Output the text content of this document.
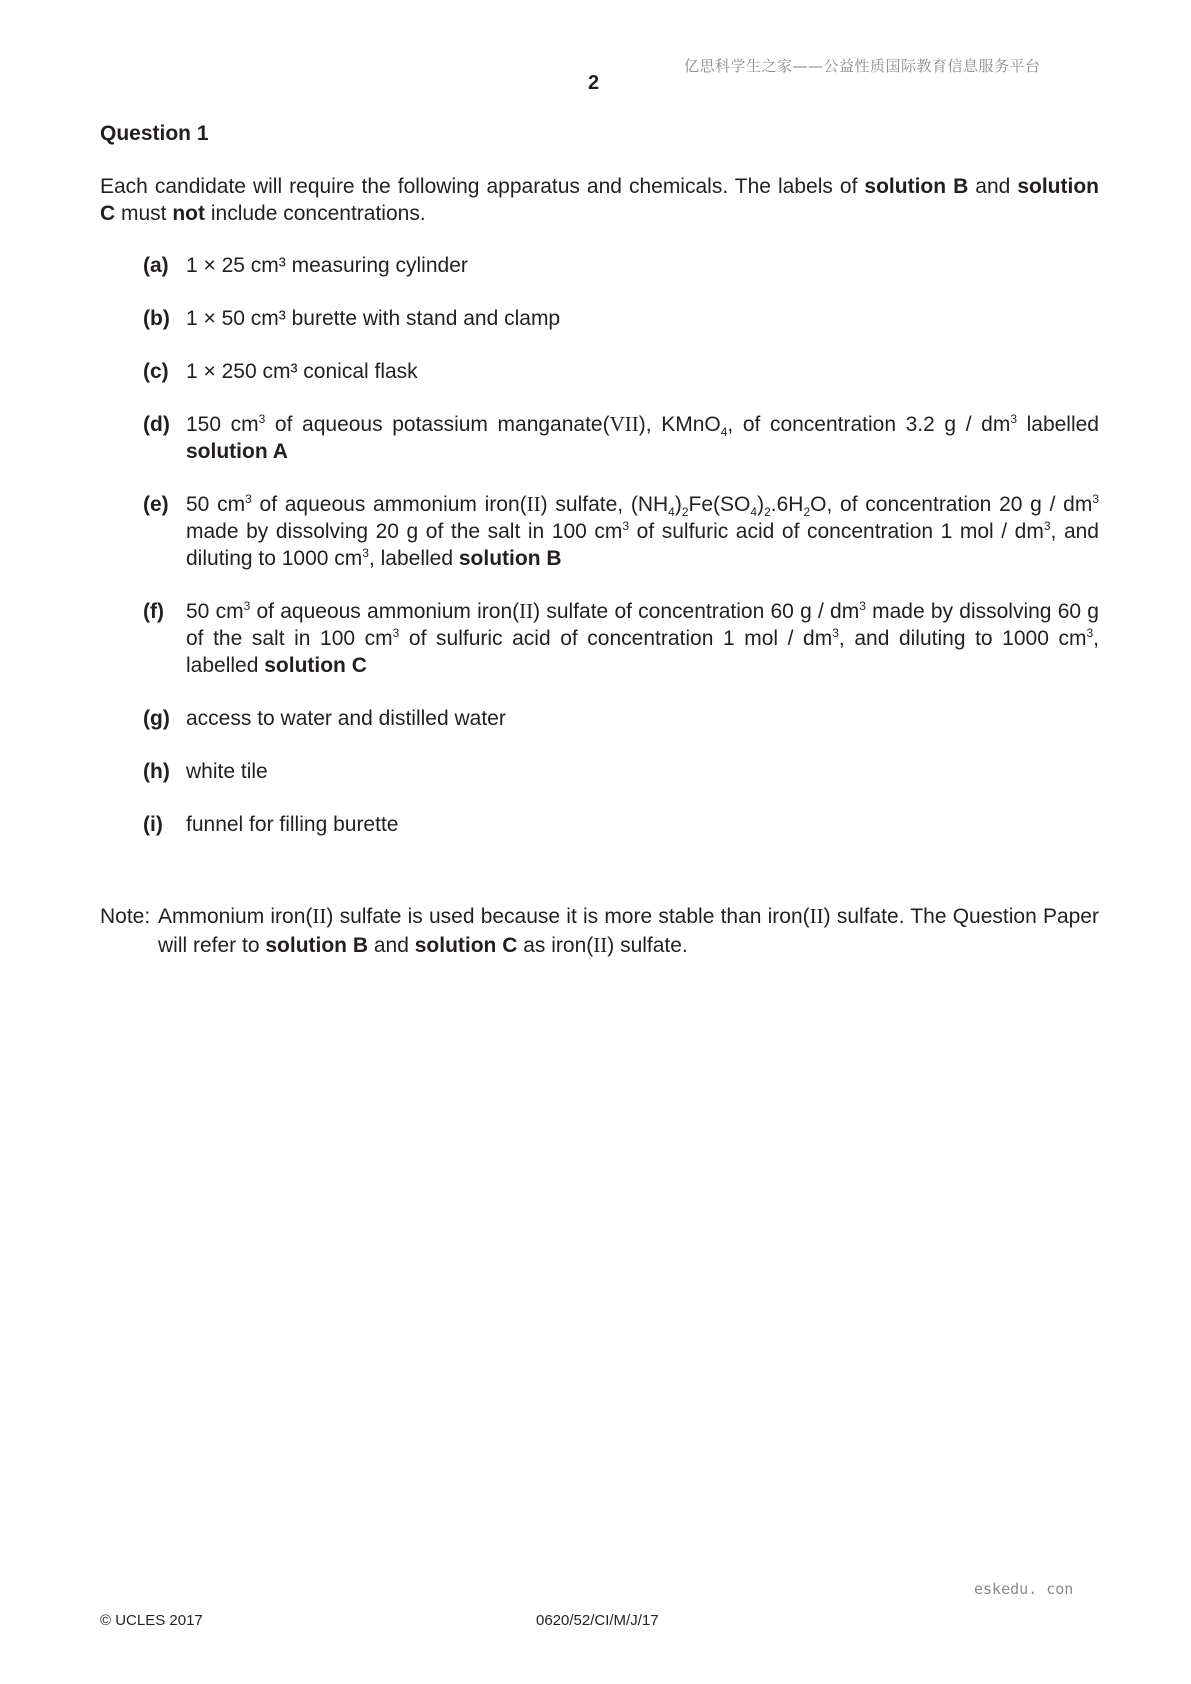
亿思科学生之家——公益性质国际教育信息服务平台
2
Question 1
Each candidate will require the following apparatus and chemicals. The labels of solution B and solution C must not include concentrations.
(a) 1 × 25 cm³ measuring cylinder
(b) 1 × 50 cm³ burette with stand and clamp
(c) 1 × 250 cm³ conical flask
(d) 150 $cm^3$ of aqueous potassium manganate(VII), KMnO$_4$, of concentration 3.2 g / $dm^3$ labelled solution A
(e) 50 $cm^3$ of aqueous ammonium iron(II) sulfate, $(NH_4)_2Fe(SO_4)_2.6H_2O$, of concentration 20 g / $dm^3$ made by dissolving 20 g of the salt in 100 $cm^3$ of sulfuric acid of concentration 1 mol / $dm^3$, and diluting to 1000 $cm^3$, labelled solution B
(f)	50 $cm^3$ of aqueous ammonium iron(II) sulfate of concentration 60 g / $dm^3$ made by dissolving 60 g of the salt in 100 $cm^3$ of sulfuric acid of concentration 1 mol / $dm^3$, and diluting to 1000 $cm^3$, labelled solution C
(g) access to water and distilled water
(h) white tile
(i)	funnel for filling burette
Note: Ammonium iron(II) sulfate is used because it is more stable than iron(II) sulfate. The Question Paper will refer to solution B and solution C as iron(II) sulfate.
eskedu. con
© UCLES 2017	0620/52/CI/M/J/17
